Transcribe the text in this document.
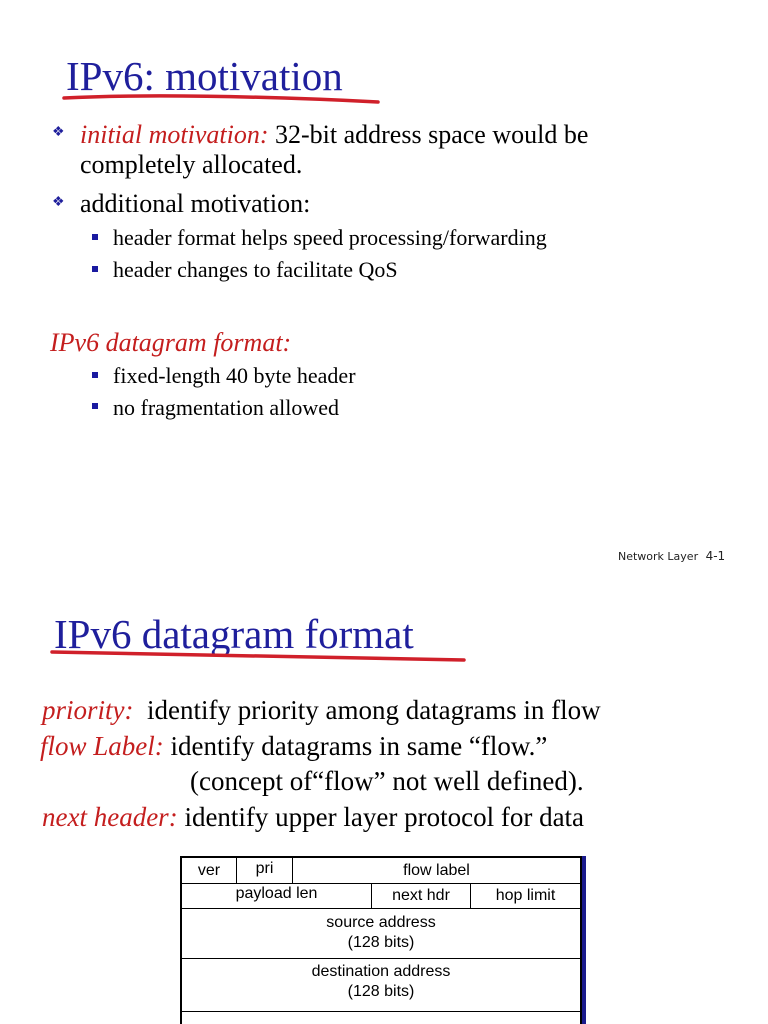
IPv6: motivation
❖ initial motivation: 32-bit address space would be
completely allocated.
❖ additional motivation:
header format helps speed processing/forwarding
header changes to facilitate QoS
IPv6 datagram format:
fixed-length 40 byte header
no fragmentation allowed
Network Layer 4-1
IPv6 datagram format
priority:  identify priority among datagrams in flow
flow Label: identify datagrams in same “flow.”
(concept of“flow” not well defined).
next header: identify upper layer protocol for data
ver pri	flow label
payload len	next hdr	hop limit
source address
(128 bits)
destination address
(128 bits)
